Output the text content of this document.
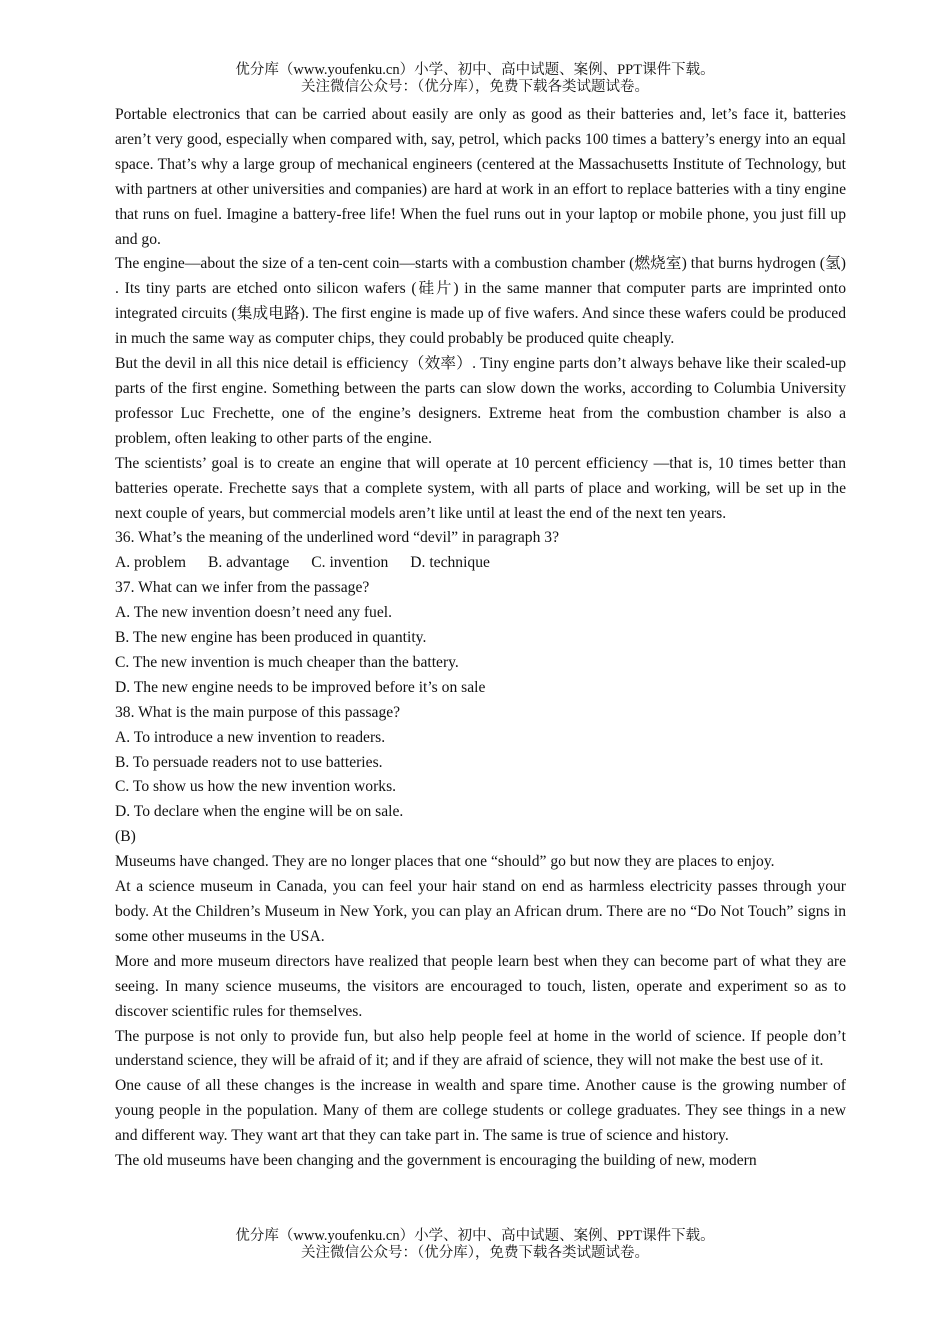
优分库（www.youfenku.cn）小学、初中、高中试题、案例、PPT课件下载。
关注微信公众号：（优分库），免费下载各类试题试卷。

Portable electronics that can be carried about easily are only as good as their batteries and, let’s face it, batteries aren’t very good, especially when compared with, say, petrol, which packs 100 times a battery’s energy into an equal space. That’s why a large group of mechanical engineers (centered at the Massachusetts Institute of Technology, but with partners at other universities and companies) are hard at work in an effort to replace batteries with a tiny engine that runs on fuel. Imagine a battery-free life! When the fuel runs out in your laptop or mobile phone, you just fill up and go.

The engine—about the size of a ten-cent coin—starts with a combustion chamber (燃烧室) that burns hydrogen (氢) . Its tiny parts are etched onto silicon wafers (硅片) in the same manner that computer parts are imprinted onto integrated circuits (集成电路). The first engine is made up of five wafers. And since these wafers could be produced in much the same way as computer chips, they could probably be produced quite cheaply.

But the devil in all this nice detail is efficiency（效率）. Tiny engine parts don’t always behave like their scaled-up parts of the first engine. Something between the parts can slow down the works, according to Columbia University professor Luc Frechette, one of the engine’s designers. Extreme heat from the combustion chamber is also a problem, often leaking to other parts of the engine.

The scientists’ goal is to create an engine that will operate at 10 percent efficiency —that is, 10 times better than batteries operate. Frechette says that a complete system, with all parts of place and working, will be set up in the next couple of years, but commercial models aren’t like until at least the end of the next ten years.

36. What’s the meaning of the underlined word “devil” in paragraph 3?
A. problem B. advantage C. invention D. technique
37. What can we infer from the passage?
A. The new invention doesn’t need any fuel.
B. The new engine has been produced in quantity.
C. The new invention is much cheaper than the battery.
D. The new engine needs to be improved before it’s on sale
38. What is the main purpose of this passage?
A. To introduce a new invention to readers.
B. To persuade readers not to use batteries.
C. To show us how the new invention works.
D. To declare when the engine will be on sale.
(B)

Museums have changed. They are no longer places that one “should” go but now they are places to enjoy.

At a science museum in Canada, you can feel your hair stand on end as harmless electricity passes through your body. At the Children’s Museum in New York, you can play an African drum. There are no “Do Not Touch” signs in some other museums in the USA.

More and more museum directors have realized that people learn best when they can become part of what they are seeing. In many science museums, the visitors are encouraged to touch, listen, operate and experiment so as to discover scientific rules for themselves.

The purpose is not only to provide fun, but also help people feel at home in the world of science. If people don’t understand science, they will be afraid of it; and if they are afraid of science, they will not make the best use of it.

One cause of all these changes is the increase in wealth and spare time. Another cause is the growing number of young people in the population. Many of them are college students or college graduates. They see things in a new and different way. They want art that they can take part in. The same is true of science and history.

The old museums have been changing and the government is encouraging the building of new, modern

优分库（www.youfenku.cn）小学、初中、高中试题、案例、PPT课件下载。
关注微信公众号：（优分库），免费下载各类试题试卷。
